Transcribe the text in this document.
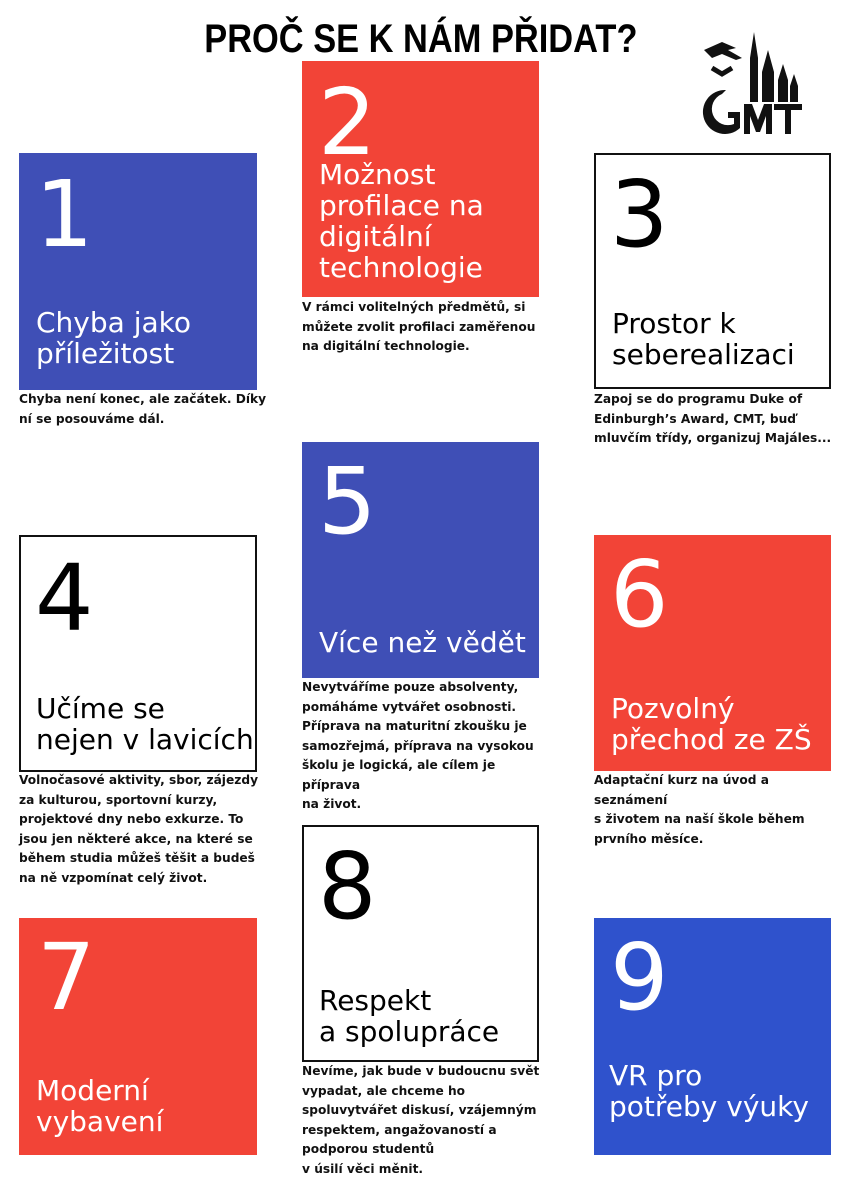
PROČ SE K NÁM PŘIDAT?
1
Chyba jako
příležitost
Chyba není konec, ale začátek. Díky
ní se posouváme dál.
2
Možnost
profilace na
digitální
technologie
V rámci volitelných předmětů, si
můžete zvolit profilaci zaměřenou
na digitální technologie.
3
Prostor k
seberealizaci
Zapoj se do programu Duke of
Edinburgh’s Award, CMT, buď
mluvčím třídy, organizuj Majáles...
5
Více než vědět
Nevytváříme pouze absolventy,
pomáháme vytvářet osobnosti.
Příprava na maturitní zkoušku je
samozřejmá, příprava na vysokou
školu je logická, ale cílem je příprava
na život.
4
Učíme se
nejen v lavicích
Volnočasové aktivity, sbor, zájezdy
za kulturou, sportovní kurzy,
projektové dny nebo exkurze. To
jsou jen některé akce, na které se
během studia můžeš těšit a budeš
na ně vzpomínat celý život.
6
Pozvolný
přechod ze ZŠ
Adaptační kurz na úvod a seznámení
s životem na naší škole během
prvního měsíce.
8
Respekt
a spolupráce
Nevíme, jak bude v budoucnu svět
vypadat, ale chceme ho
spoluvytvářet diskusí, vzájemným
respektem, angažovaností a
podporou studentů
v úsilí věci měnit.
7
Moderní
vybavení
9
VR pro
potřeby výuky
